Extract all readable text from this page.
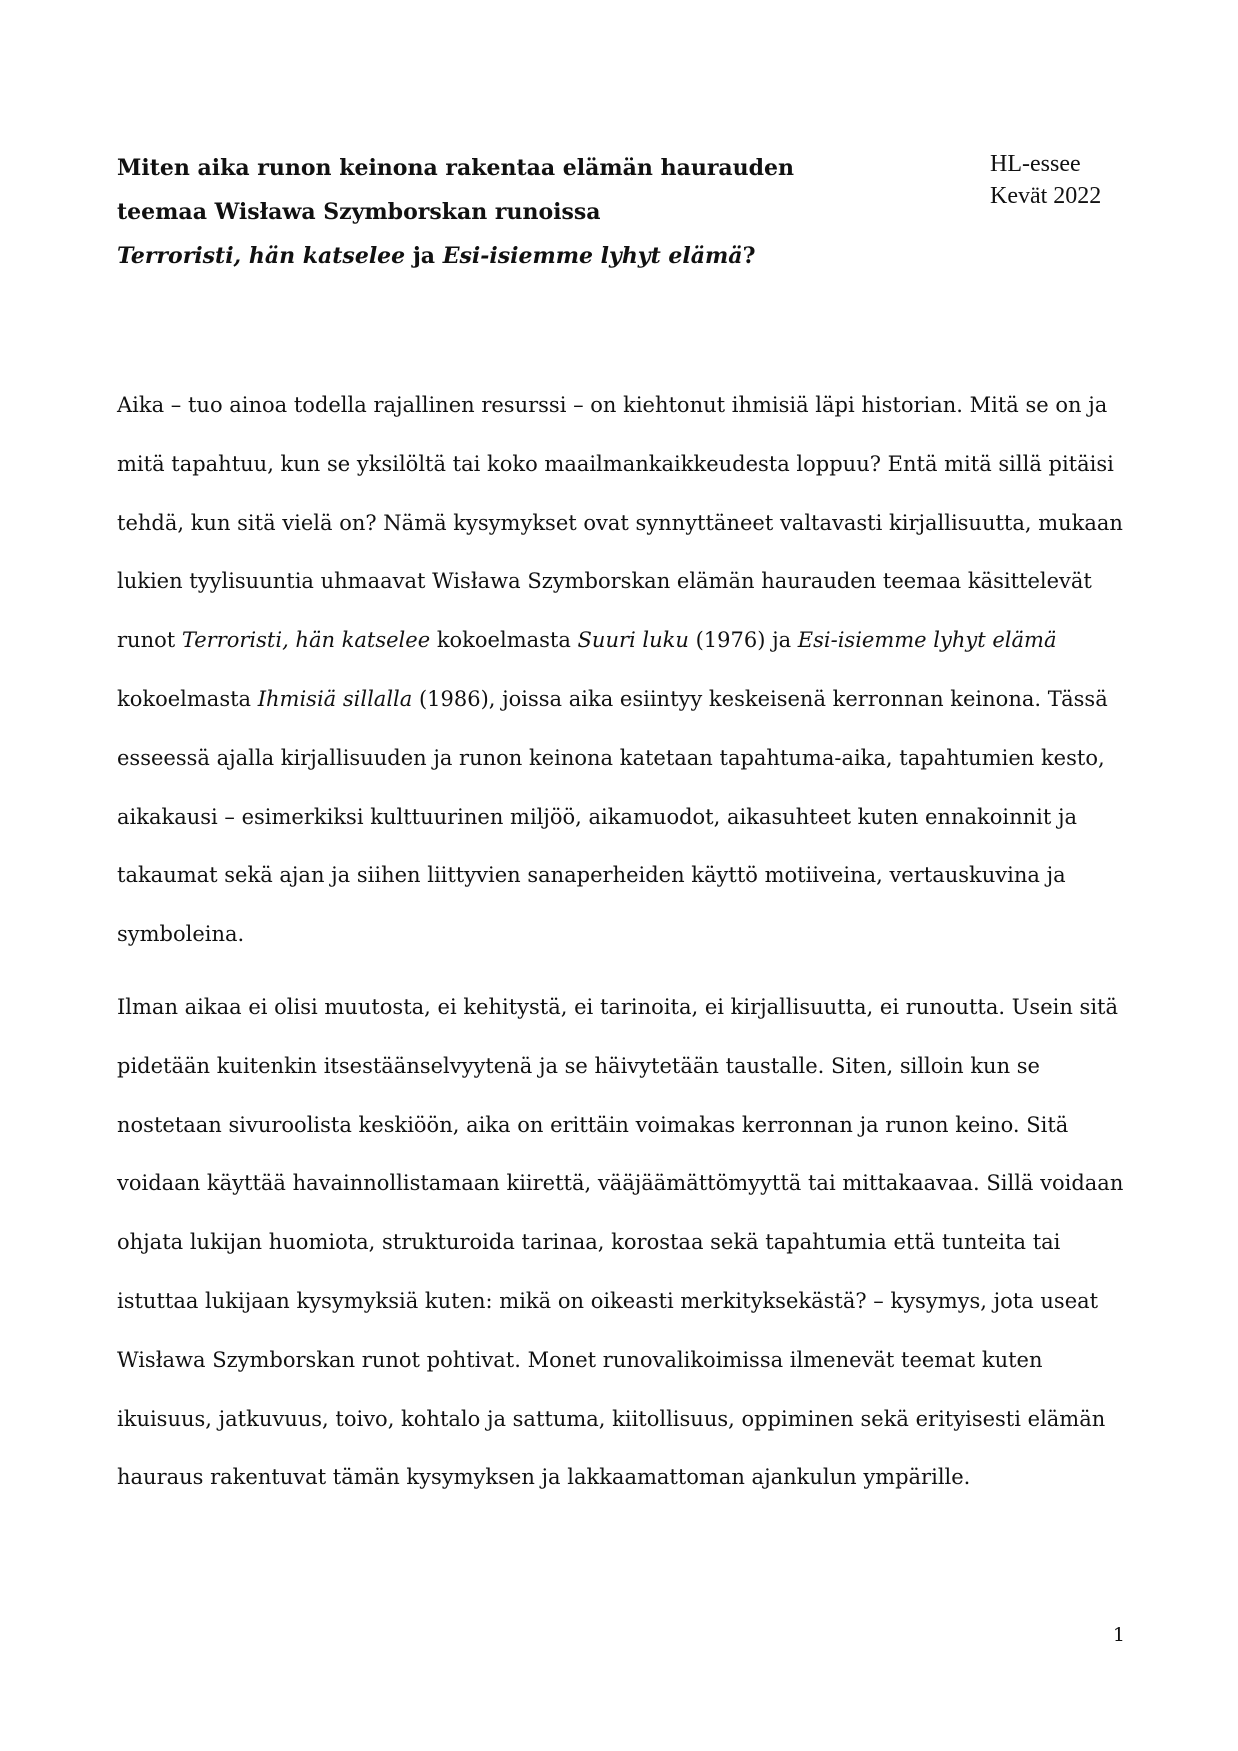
Miten aika runon keinona rakentaa elämän haurauden
teemaa Wisława Szymborskan runoissa
Terroristi, hän katselee ja Esi-isiemme lyhyt elämä?
HL-essee
Kevät 2022

Aika – tuo ainoa todella rajallinen resurssi – on kiehtonut ihmisiä läpi historian. Mitä se on ja
mitä tapahtuu, kun se yksilöltä tai koko maailmankaikkeudesta loppuu? Entä mitä sillä pitäisi
tehdä, kun sitä vielä on? Nämä kysymykset ovat synnyttäneet valtavasti kirjallisuutta, mukaan
lukien tyylisuuntia uhmaavat Wisława Szymborskan elämän haurauden teemaa käsittelevät
runot Terroristi, hän katselee kokoelmasta Suuri luku (1976) ja Esi-isiemme lyhyt elämä
kokoelmasta Ihmisiä sillalla (1986), joissa aika esiintyy keskeisenä kerronnan keinona. Tässä
esseessä ajalla kirjallisuuden ja runon keinona katetaan tapahtuma-aika, tapahtumien kesto,
aikakausi – esimerkiksi kulttuurinen miljöö, aikamuodot, aikasuhteet kuten ennakoinnit ja
takaumat sekä ajan ja siihen liittyvien sanaperheiden käyttö motiiveina, vertauskuvina ja
symboleina.

Ilman aikaa ei olisi muutosta, ei kehitystä, ei tarinoita, ei kirjallisuutta, ei runoutta. Usein sitä
pidetään kuitenkin itsestäänselvyytenä ja se häivytetään taustalle. Siten, silloin kun se
nostetaan sivuroolista keskiöön, aika on erittäin voimakas kerronnan ja runon keino. Sitä
voidaan käyttää havainnollistamaan kiirettä, vääjäämättömyyttä tai mittakaavaa. Sillä voidaan
ohjata lukijan huomiota, strukturoida tarinaa, korostaa sekä tapahtumia että tunteita tai
istuttaa lukijaan kysymyksiä kuten: mikä on oikeasti merkityksekästä? – kysymys, jota useat
Wisława Szymborskan runot pohtivat. Monet runovalikoimissa ilmenevät teemat kuten
ikuisuus, jatkuvuus, toivo, kohtalo ja sattuma, kiitollisuus, oppiminen sekä erityisesti elämän
hauraus rakentuvat tämän kysymyksen ja lakkaamattoman ajankulun ympärille.

1
